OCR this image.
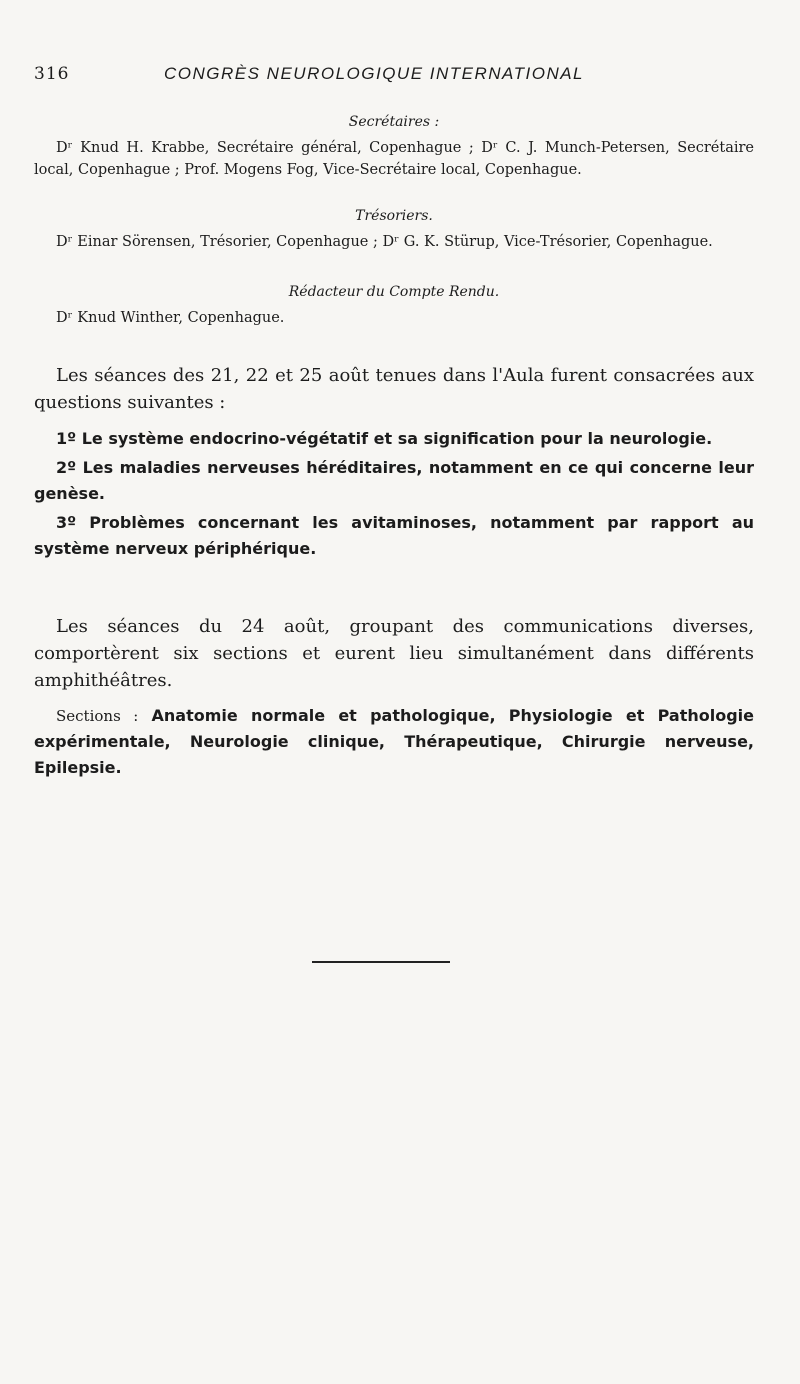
316	CONGRÈS NEUROLOGIQUE INTERNATIONAL
Secrétaires :

Dʳ Knud H. Krabbe, Secrétaire général, Copenhague ; Dʳ C. J. Munch-Petersen, Secrétaire local, Copenhague ; Prof. Mogens Fog, Vice-Secrétaire local, Copenhague.

Trésoriers.

Dʳ Einar Sörensen, Trésorier, Copenhague ; Dʳ G. K. Stürup, Vice-Trésorier, Copenhague.

Rédacteur du Compte Rendu.

Dʳ Knud Winther, Copenhague.

Les séances des 21, 22 et 25 août tenues dans l'Aula furent consacrées aux questions suivantes :

1º Le système endocrino-végétatif et sa signification pour la neurologie.

2º Les maladies nerveuses héréditaires, notamment en ce qui concerne leur genèse.

3º Problèmes concernant les avitaminoses, notamment par rapport au système nerveux périphérique.

Les séances du 24 août, groupant des communications diverses, comportèrent six sections et eurent lieu simultanément dans différents amphithéâtres.

Sections : Anatomie normale et pathologique, Physiologie et Pathologie expérimentale, Neurologie clinique, Thérapeutique, Chirurgie nerveuse, Epilepsie.
